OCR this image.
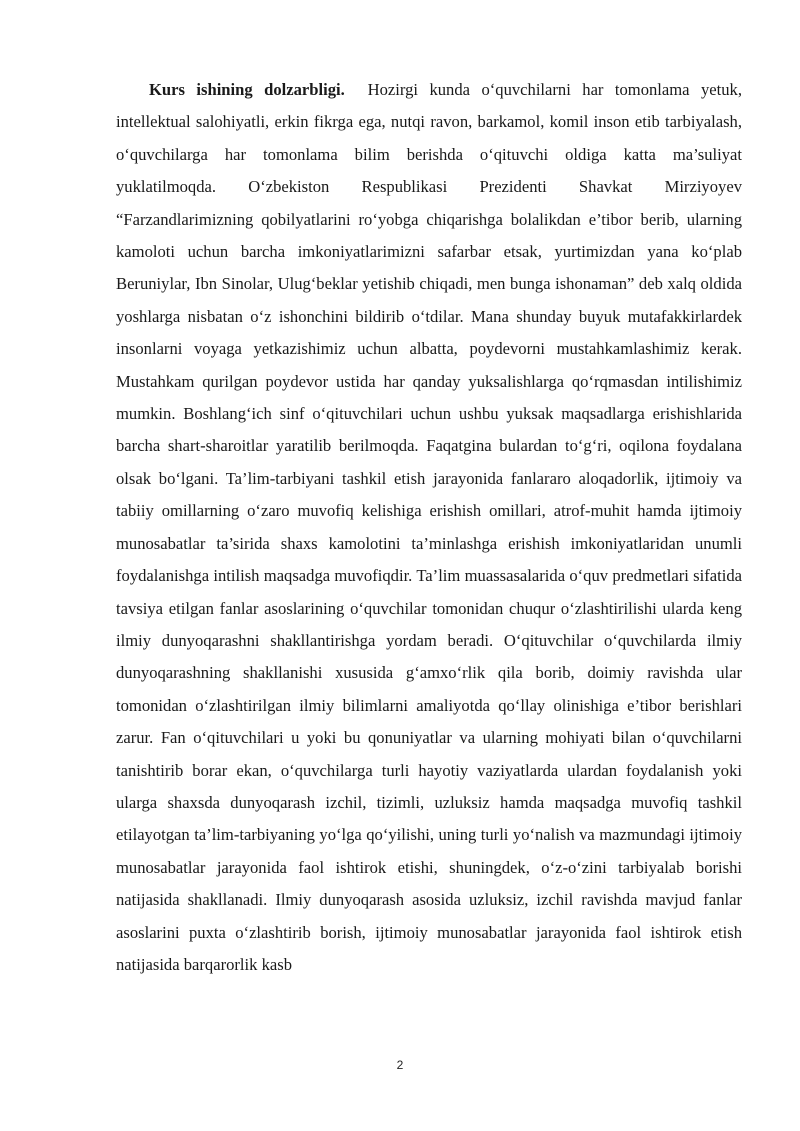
Kurs ishining dolzarbligi. Hozirgi kunda o‘quvchilarni har tomonlama yetuk, intellektual salohiyatli, erkin fikrga ega, nutqi ravon, barkamol, komil inson etib tarbiyalash, o‘quvchilarga har tomonlama bilim berishda o‘qituvchi oldiga katta ma’suliyat yuklatilmoqda. O‘zbekiston Respublikasi Prezidenti Shavkat Mirziyoyev “Farzandlarimizning qobilyatlarini ro‘yobga chiqarishga bolalikdan e’tibor berib, ularning kamoloti uchun barcha imkoniyatlarimizni safarbar etsak, yurtimizdan yana ko‘plab Beruniylar, Ibn Sinolar, Ulug‘beklar yetishib chiqadi, men bunga ishonaman” deb xalq oldida yoshlarga nisbatan o‘z ishonchini bildirib o‘tdilar. Mana shunday buyuk mutafakkirlardek insonlarni voyaga yetkazishimiz uchun albatta, poydevorni mustahkamlashimiz kerak. Mustahkam qurilgan poydevor ustida har qanday yuksalishlarga qo‘rqmasdan intilishimiz mumkin. Boshlang‘ich sinf o‘qituvchilari uchun ushbu yuksak maqsadlarga erishishlarida barcha shart-sharoitlar yaratilib berilmoqda. Faqatgina bulardan to‘g‘ri, oqilona foydalana olsak bo‘lgani. Ta’lim-tarbiyani tashkil etish jarayonida fanlararo aloqadorlik, ijtimoiy va tabiiy omillarning o‘zaro muvofiq kelishiga erishish omillari, atrof-muhit hamda ijtimoiy munosabatlar ta’sirida shaxs kamolotini ta’minlashga erishish imkoniyatlaridan unumli foydalanishga intilish maqsadga muvofiqdir. Ta’lim muassasalarida o‘quv predmetlari sifatida tavsiya etilgan fanlar asoslarining o‘quvchilar tomonidan chuqur o‘zlashtirilishi ularda keng ilmiy dunyoqarashni shakllantirishga yordam beradi. O‘qituvchilar o‘quvchilarda ilmiy dunyoqarashning shakllanishi xususida g‘amxo‘rlik qila borib, doimiy ravishda ular tomonidan o‘zlashtirilgan ilmiy bilimlarni amaliyotda qo‘llay olinishiga e’tibor berishlari zarur. Fan o‘qituvchilari u yoki bu qonuniyatlar va ularning mohiyati bilan o‘quvchilarni tanishtirib borar ekan, o‘quvchilarga turli hayotiy vaziyatlarda ulardan foydalanish yoki ularga shaxsda dunyoqarash izchil, tizimli, uzluksiz hamda maqsadga muvofiq tashkil etilayotgan ta’lim-tarbiyaning yo‘lga qo‘yilishi, uning turli yo‘nalish va mazmundagi ijtimoiy munosabatlar jarayonida faol ishtirok etishi, shuningdek, o‘z-o‘zini tarbiyalab borishi natijasida shakllanadi. Ilmiy dunyoqarash asosida uzluksiz, izchil ravishda mavjud fanlar asoslarini puxta o‘zlashtirib borish, ijtimoiy munosabatlar jarayonida faol ishtirok etish natijasida barqarorlik kasb

2
